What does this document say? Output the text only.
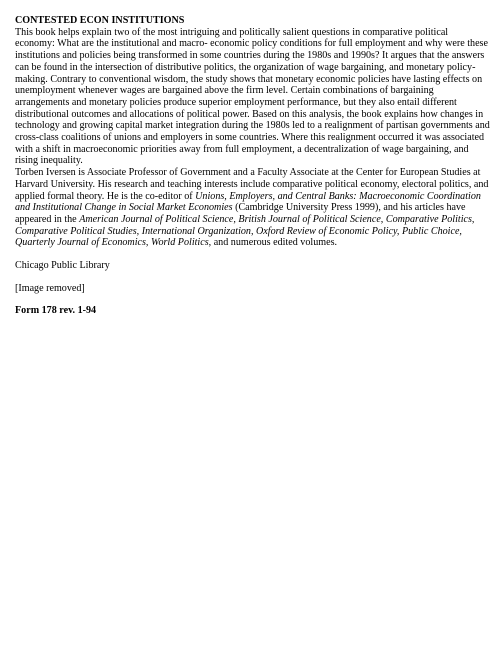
CONTESTED ECON INSTITUTIONS

This book helps explain two of the most intriguing and politically salient questions in comparative political economy: What are the institutional and macro- economic policy conditions for full employment and why were these institutions and policies being transformed in some countries during the 1980s and 1990s? It argues that the answers can be found in the intersection of distributive politics, the organization of wage bargaining, and monetary policy-making. Contrary to conventional wisdom, the study shows that monetary economic policies have lasting effects on unemployment whenever wages are bargained above the firm level. Certain combinations of bargaining arrangements and monetary policies produce superior employment performance, but they also entail different distributional outcomes and allocations of political power. Based on this analysis, the book explains how changes in technology and growing capital market integration during the 1980s led to a realignment of partisan governments and cross-class coalitions of unions and employers in some countries. Where this realignment occurred it was associated with a shift in macroeconomic priorities away from full employment, a decentralization of wage bargaining, and rising inequality.

Torben Iversen is Associate Professor of Government and a Faculty Associate at the Center for European Studies at Harvard University. His research and teaching interests include comparative political economy, electoral politics, and applied formal theory. He is the co-editor of Unions, Employers, and Central Banks: Macroeconomic Coordination and Institutional Change in Social Market Economies (Cambridge University Press 1999), and his articles have appeared in the American Journal of Political Science, British Journal of Political Science, Comparative Politics, Comparative Political Studies, International Organization, Oxford Review of Economic Policy, Public Choice, Quarterly Journal of Economics, World Politics, and numerous edited volumes.

Chicago Public Library

[Image removed]

Form 178 rev. 1-94
